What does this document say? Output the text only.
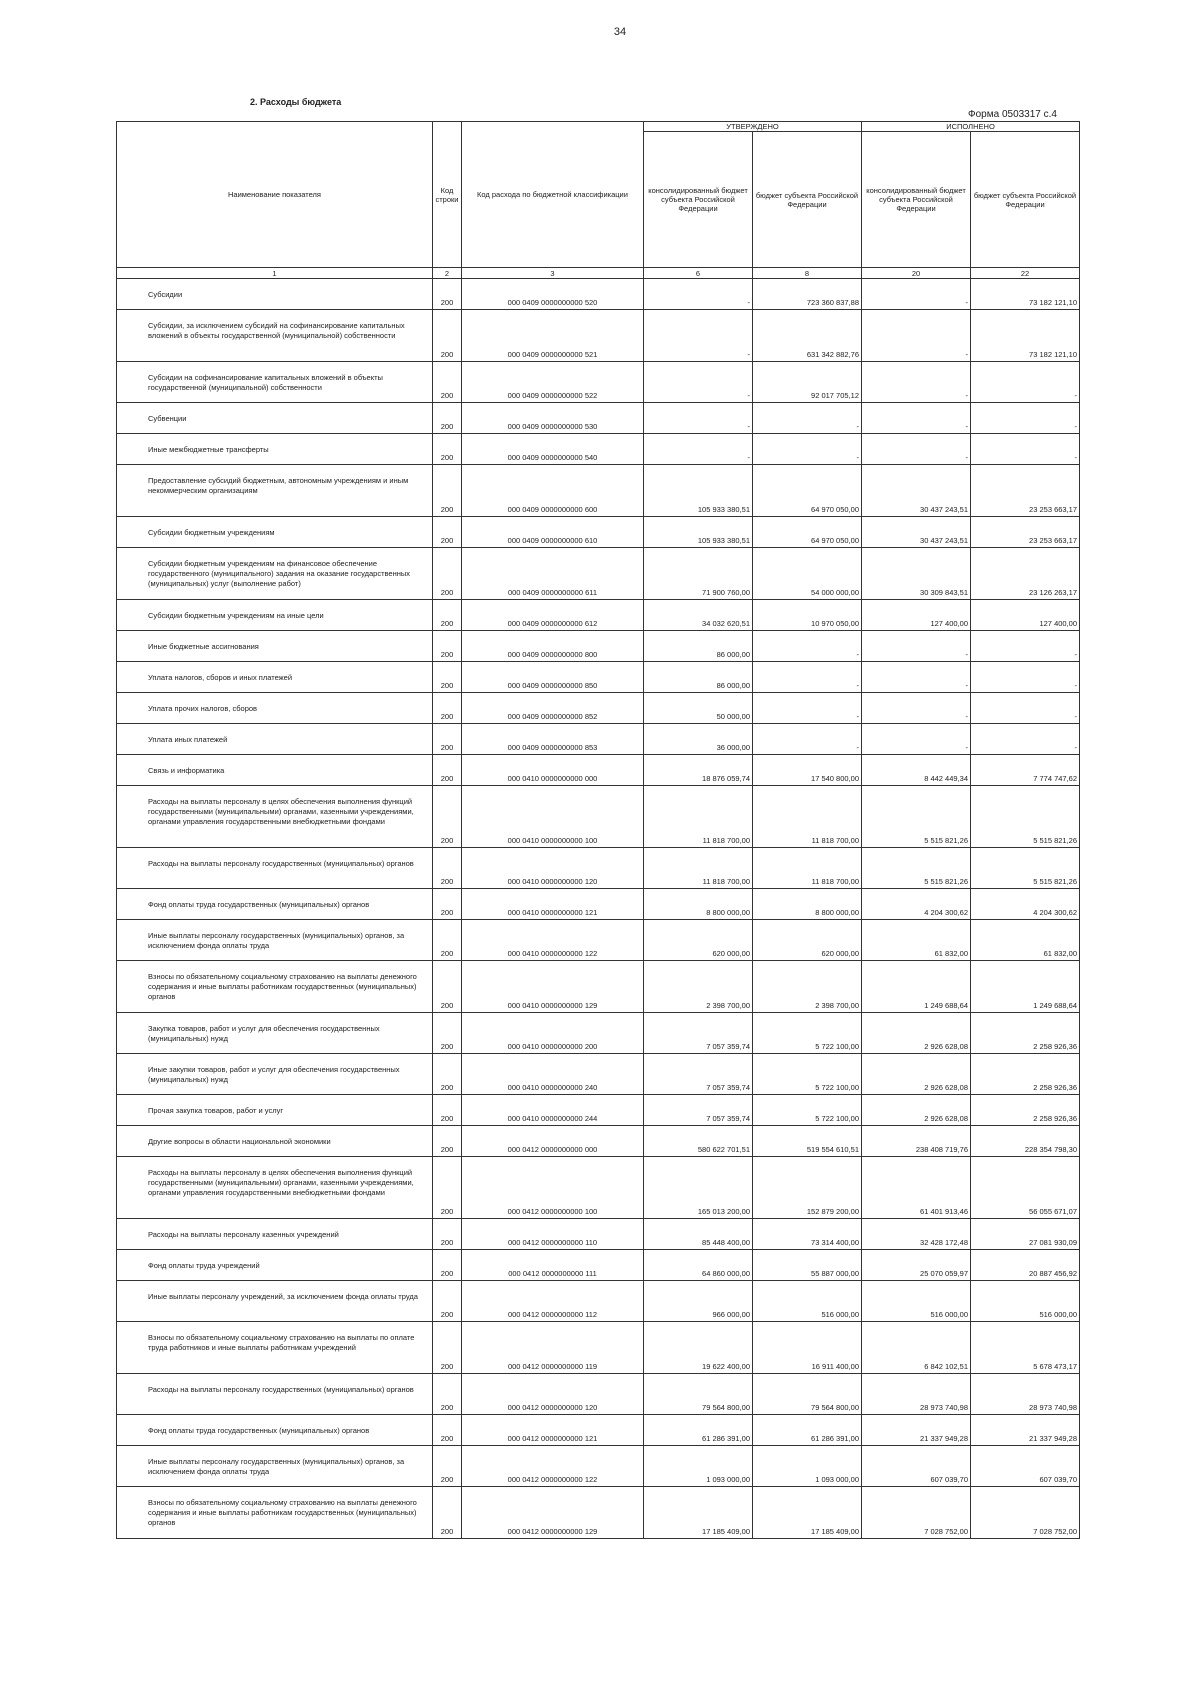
34
2. Расходы бюджета
Форма 0503317 с.4
Наименование показателя	Код строки	Код расхода по бюджетной классификации	УТВЕРЖДЕНО		ИСПОЛНЕНО	
			консолидированный бюджет субъекта Российской Федерации	бюджет субъекта Российской Федерации	консолидированный бюджет субъекта Российской Федерации	бюджет субъекта Российской Федерации
1	2	3	6	8	20	22
Субсидии	200	000 0409 0000000000 520	-	723 360 837,88	-	73 182 121,10
Субсидии, за исключением субсидий на софинансирование капитальных вложений в объекты государственной (муниципальной) собственности	200	000 0409 0000000000 521	-	631 342 882,76	-	73 182 121,10
Субсидии на софинансирование капитальных вложений в объекты государственной (муниципальной) собственности	200	000 0409 0000000000 522	-	92 017 705,12	-	-
Субвенции	200	000 0409 0000000000 530	-	-	-	-
Иные межбюджетные трансферты	200	000 0409 0000000000 540	-	-	-	-
Предоставление субсидий бюджетным, автономным учреждениям и иным некоммерческим организациям	200	000 0409 0000000000 600	105 933 380,51	64 970 050,00	30 437 243,51	23 253 663,17
Субсидии бюджетным учреждениям	200	000 0409 0000000000 610	105 933 380,51	64 970 050,00	30 437 243,51	23 253 663,17
Субсидии бюджетным учреждениям на финансовое обеспечение государственного (муниципального) задания на оказание государственных (муниципальных) услуг (выполнение работ)	200	000 0409 0000000000 611	71 900 760,00	54 000 000,00	30 309 843,51	23 126 263,17
Субсидии бюджетным учреждениям на иные цели	200	000 0409 0000000000 612	34 032 620,51	10 970 050,00	127 400,00	127 400,00
Иные бюджетные ассигнования	200	000 0409 0000000000 800	86 000,00	-	-	-
Уплата налогов, сборов и иных платежей	200	000 0409 0000000000 850	86 000,00	-	-	-
Уплата прочих налогов, сборов	200	000 0409 0000000000 852	50 000,00	-	-	-
Уплата иных платежей	200	000 0409 0000000000 853	36 000,00	-	-	-
Связь и информатика	200	000 0410 0000000000 000	18 876 059,74	17 540 800,00	8 442 449,34	7 774 747,62
Расходы на выплаты персоналу в целях обеспечения выполнения функций государственными (муниципальными) органами, казенными учреждениями, органами управления государственными внебюджетными фондами	200	000 0410 0000000000 100	11 818 700,00	11 818 700,00	5 515 821,26	5 515 821,26
Расходы на выплаты персоналу государственных (муниципальных) органов	200	000 0410 0000000000 120	11 818 700,00	11 818 700,00	5 515 821,26	5 515 821,26
Фонд оплаты труда государственных (муниципальных) органов	200	000 0410 0000000000 121	8 800 000,00	8 800 000,00	4 204 300,62	4 204 300,62
Иные выплаты персоналу государственных (муниципальных) органов, за исключением фонда оплаты труда	200	000 0410 0000000000 122	620 000,00	620 000,00	61 832,00	61 832,00
Взносы по обязательному социальному страхованию на выплаты денежного содержания и иные выплаты работникам государственных (муниципальных) органов	200	000 0410 0000000000 129	2 398 700,00	2 398 700,00	1 249 688,64	1 249 688,64
Закупка товаров, работ и услуг для обеспечения государственных (муниципальных) нужд	200	000 0410 0000000000 200	7 057 359,74	5 722 100,00	2 926 628,08	2 258 926,36
Иные закупки товаров, работ и услуг для обеспечения государственных (муниципальных) нужд	200	000 0410 0000000000 240	7 057 359,74	5 722 100,00	2 926 628,08	2 258 926,36
Прочая закупка товаров, работ и услуг	200	000 0410 0000000000 244	7 057 359,74	5 722 100,00	2 926 628,08	2 258 926,36
Другие вопросы в области национальной экономики	200	000 0412 0000000000 000	580 622 701,51	519 554 610,51	238 408 719,76	228 354 798,30
Расходы на выплаты персоналу в целях обеспечения выполнения функций государственными (муниципальными) органами, казенными учреждениями, органами управления государственными внебюджетными фондами	200	000 0412 0000000000 100	165 013 200,00	152 879 200,00	61 401 913,46	56 055 671,07
Расходы на выплаты персоналу казенных учреждений	200	000 0412 0000000000 110	85 448 400,00	73 314 400,00	32 428 172,48	27 081 930,09
Фонд оплаты труда учреждений	200	000 0412 0000000000 111	64 860 000,00	55 887 000,00	25 070 059,97	20 887 456,92
Иные выплаты персоналу учреждений, за исключением фонда оплаты труда	200	000 0412 0000000000 112	966 000,00	516 000,00	516 000,00	516 000,00
Взносы по обязательному социальному страхованию на выплаты по оплате труда работников и иные выплаты работникам учреждений	200	000 0412 0000000000 119	19 622 400,00	16 911 400,00	6 842 102,51	5 678 473,17
Расходы на выплаты персоналу государственных (муниципальных) органов	200	000 0412 0000000000 120	79 564 800,00	79 564 800,00	28 973 740,98	28 973 740,98
Фонд оплаты труда государственных (муниципальных) органов	200	000 0412 0000000000 121	61 286 391,00	61 286 391,00	21 337 949,28	21 337 949,28
Иные выплаты персоналу государственных (муниципальных) органов, за исключением фонда оплаты труда	200	000 0412 0000000000 122	1 093 000,00	1 093 000,00	607 039,70	607 039,70
Взносы по обязательному социальному страхованию на выплаты денежного содержания и иные выплаты работникам государственных (муниципальных) органов	200	000 0412 0000000000 129	17 185 409,00	17 185 409,00	7 028 752,00	7 028 752,00
